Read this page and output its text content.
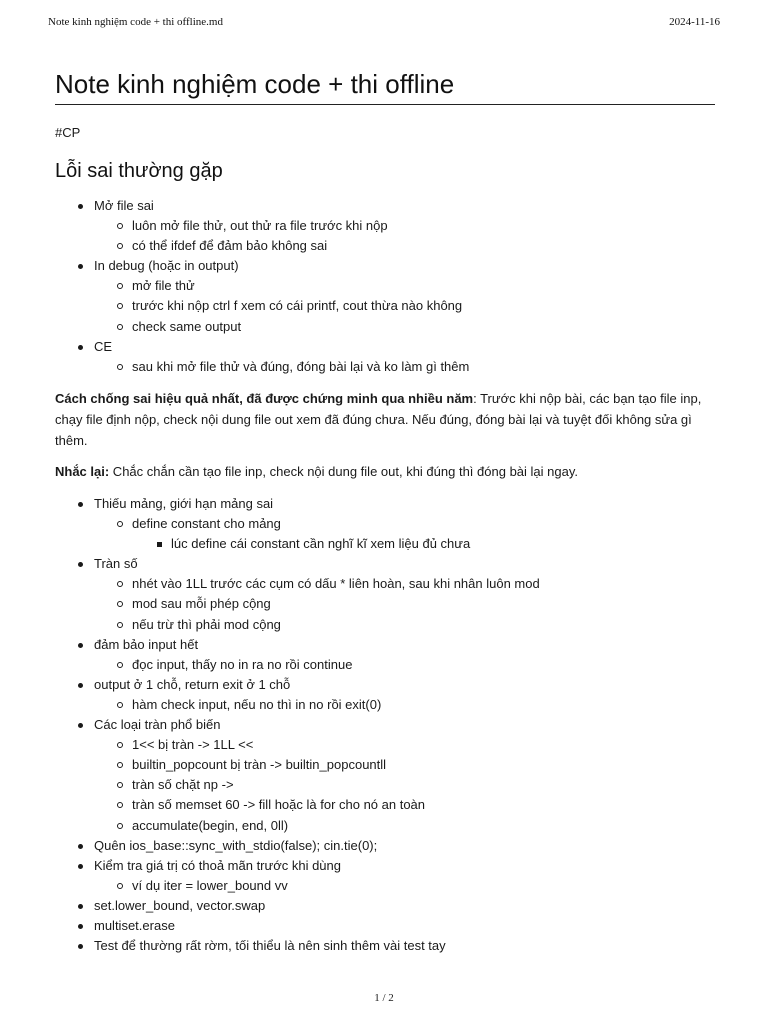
Note kinh nghiệm code + thi offline.md	2024-11-16
Note kinh nghiệm code + thi offline

#CP

Lỗi sai thường gặp
Mở file sai
luôn mở file thử, out thử ra file trước khi nộp
có thể ifdef để đảm bảo không sai
In debug (hoặc in output)
mở file thử
trước khi nộp ctrl f xem có cái printf, cout thừa nào không
check same output
CE
sau khi mở file thử và đúng, đóng bài lại và ko làm gì thêm

Cách chống sai hiệu quả nhất, đã được chứng minh qua nhiều năm: Trước khi nộp bài, các bạn tạo file inp, chạy file định nộp, check nội dung file out xem đã đúng chưa. Nếu đúng, đóng bài lại và tuyệt đối không sửa gì thêm.

Nhắc lại: Chắc chắn cần tạo file inp, check nội dung file out, khi đúng thì đóng bài lại ngay.

Thiếu mảng, giới hạn mảng sai
define constant cho mảng
lúc define cái constant cần nghĩ kĩ xem liệu đủ chưa
Tràn số
nhét vào 1LL trước các cụm có dấu * liên hoàn, sau khi nhân luôn mod
mod sau mỗi phép cộng
nếu trừ thì phải mod cộng
đảm bảo input hết
đọc input, thấy no in ra no rồi continue
output ở 1 chỗ, return exit ở 1 chỗ
hàm check input, nếu no thì in no rồi exit(0)
Các loại tràn phổ biến
1<< bị tràn -> 1LL <<
builtin_popcount bị tràn -> builtin_popcountll
tràn số chặt np ->
tràn số memset 60 -> fill hoặc là for cho nó an toàn
accumulate(begin, end, 0ll)
Quên ios_base::sync_with_stdio(false); cin.tie(0);
Kiểm tra giá trị có thoả mãn trước khi dùng
ví dụ iter = lower_bound vv
set.lower_bound, vector.swap
multiset.erase
Test để thường rất rờm, tối thiểu là nên sinh thêm vài test tay
1 / 2
